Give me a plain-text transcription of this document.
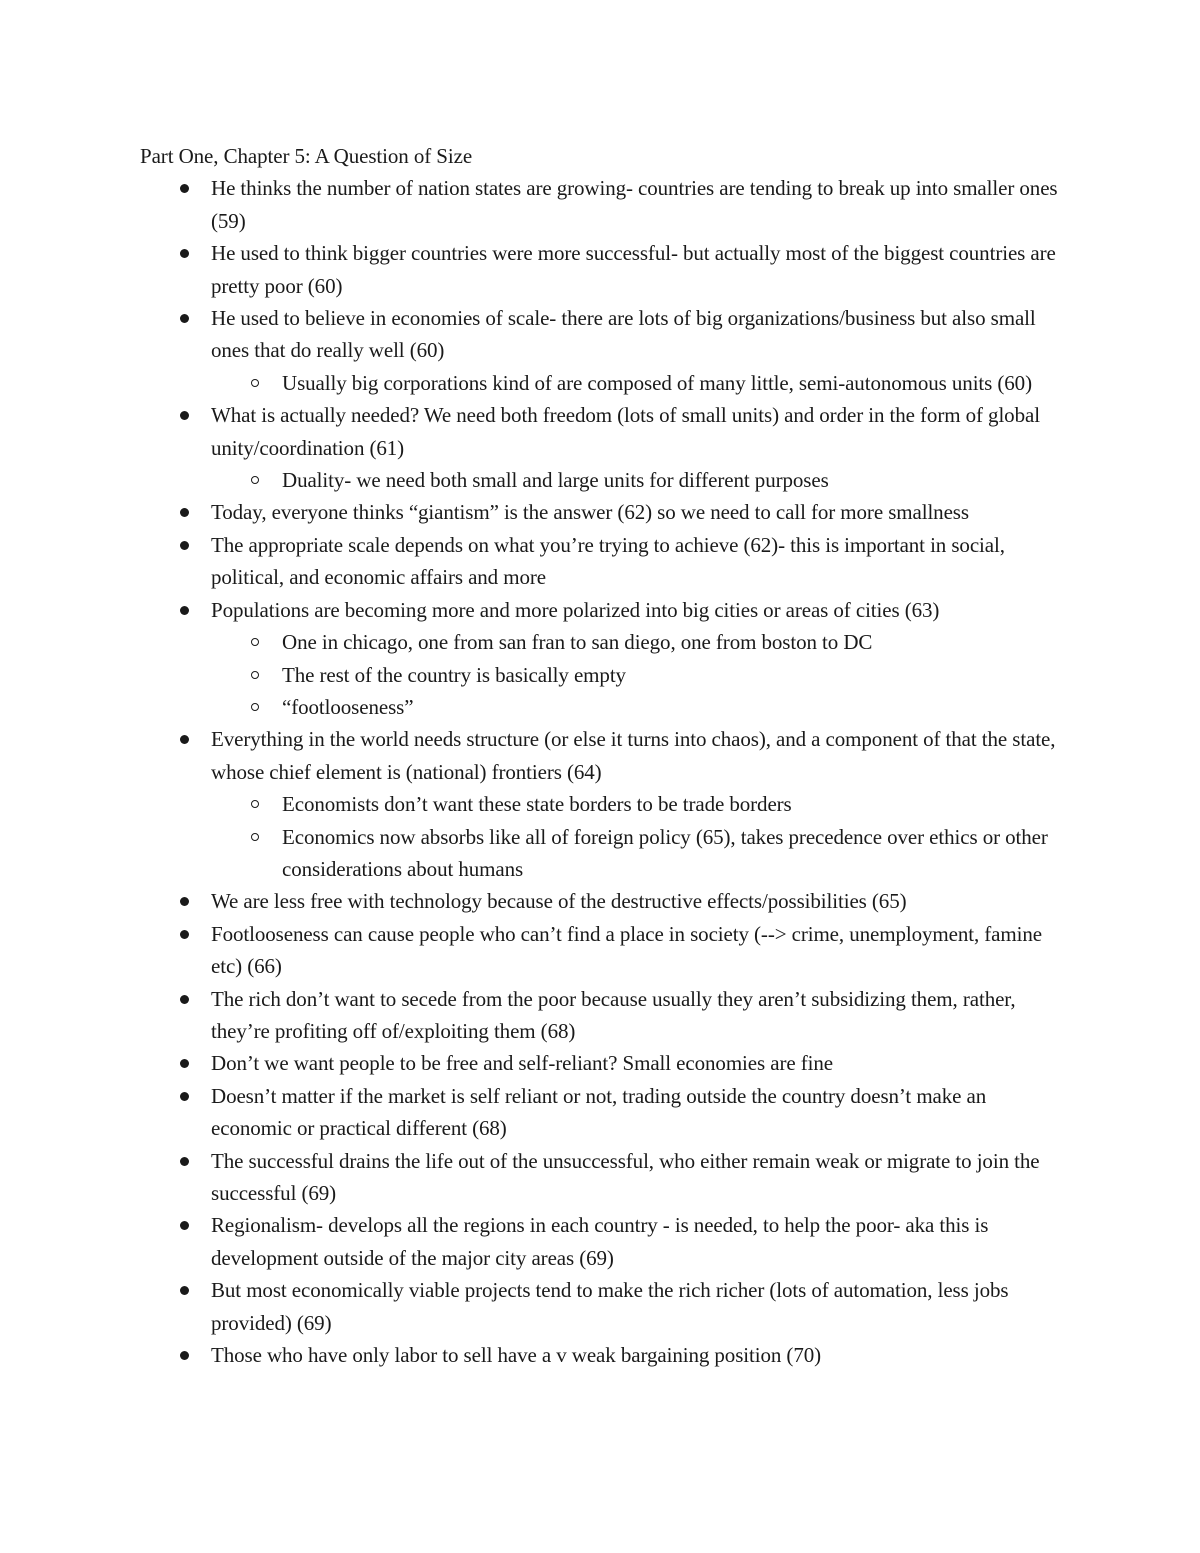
Part One, Chapter 5: A Question of Size
He thinks the number of nation states are growing- countries are tending to break up into smaller ones (59)
He used to think bigger countries were more successful- but actually most of the biggest countries are pretty poor (60)
He used to believe in economies of scale- there are lots of big organizations/business but also small ones that do really well (60)
Usually big corporations kind of are composed of many little, semi-autonomous units (60)
What is actually needed? We need both freedom (lots of small units) and order in the form of global unity/coordination (61)
Duality- we need both small and large units for different purposes
Today, everyone thinks “giantism” is the answer (62) so we need to call for more smallness
The appropriate scale depends on what you’re trying to achieve (62)- this is important in social, political, and economic affairs and more
Populations are becoming more and more polarized into big cities or areas of cities (63)
One in chicago, one from san fran to san diego, one from boston to DC
The rest of the country is basically empty
“footlooseness”
Everything in the world needs structure (or else it turns into chaos), and a component of that the state, whose chief element is (national) frontiers (64)
Economists don’t want these state borders to be trade borders
Economics now absorbs like all of foreign policy (65), takes precedence over ethics or other considerations about humans
We are less free with technology because of the destructive effects/possibilities (65)
Footlooseness can cause people who can’t find a place in society (--> crime, unemployment, famine etc) (66)
The rich don’t want to secede from the poor because usually they aren’t subsidizing them, rather, they’re profiting off of/exploiting them (68)
Don’t we want people to be free and self-reliant? Small economies are fine
Doesn’t matter if the market is self reliant or not, trading outside the country doesn’t make an economic or practical different (68)
The successful drains the life out of the unsuccessful, who either remain weak or migrate to join the successful (69)
Regionalism- develops all the regions in each country - is needed, to help the poor- aka this is development outside of the major city areas (69)
But most economically viable projects tend to make the rich richer (lots of automation, less jobs provided) (69)
Those who have only labor to sell have a v weak bargaining position (70)
